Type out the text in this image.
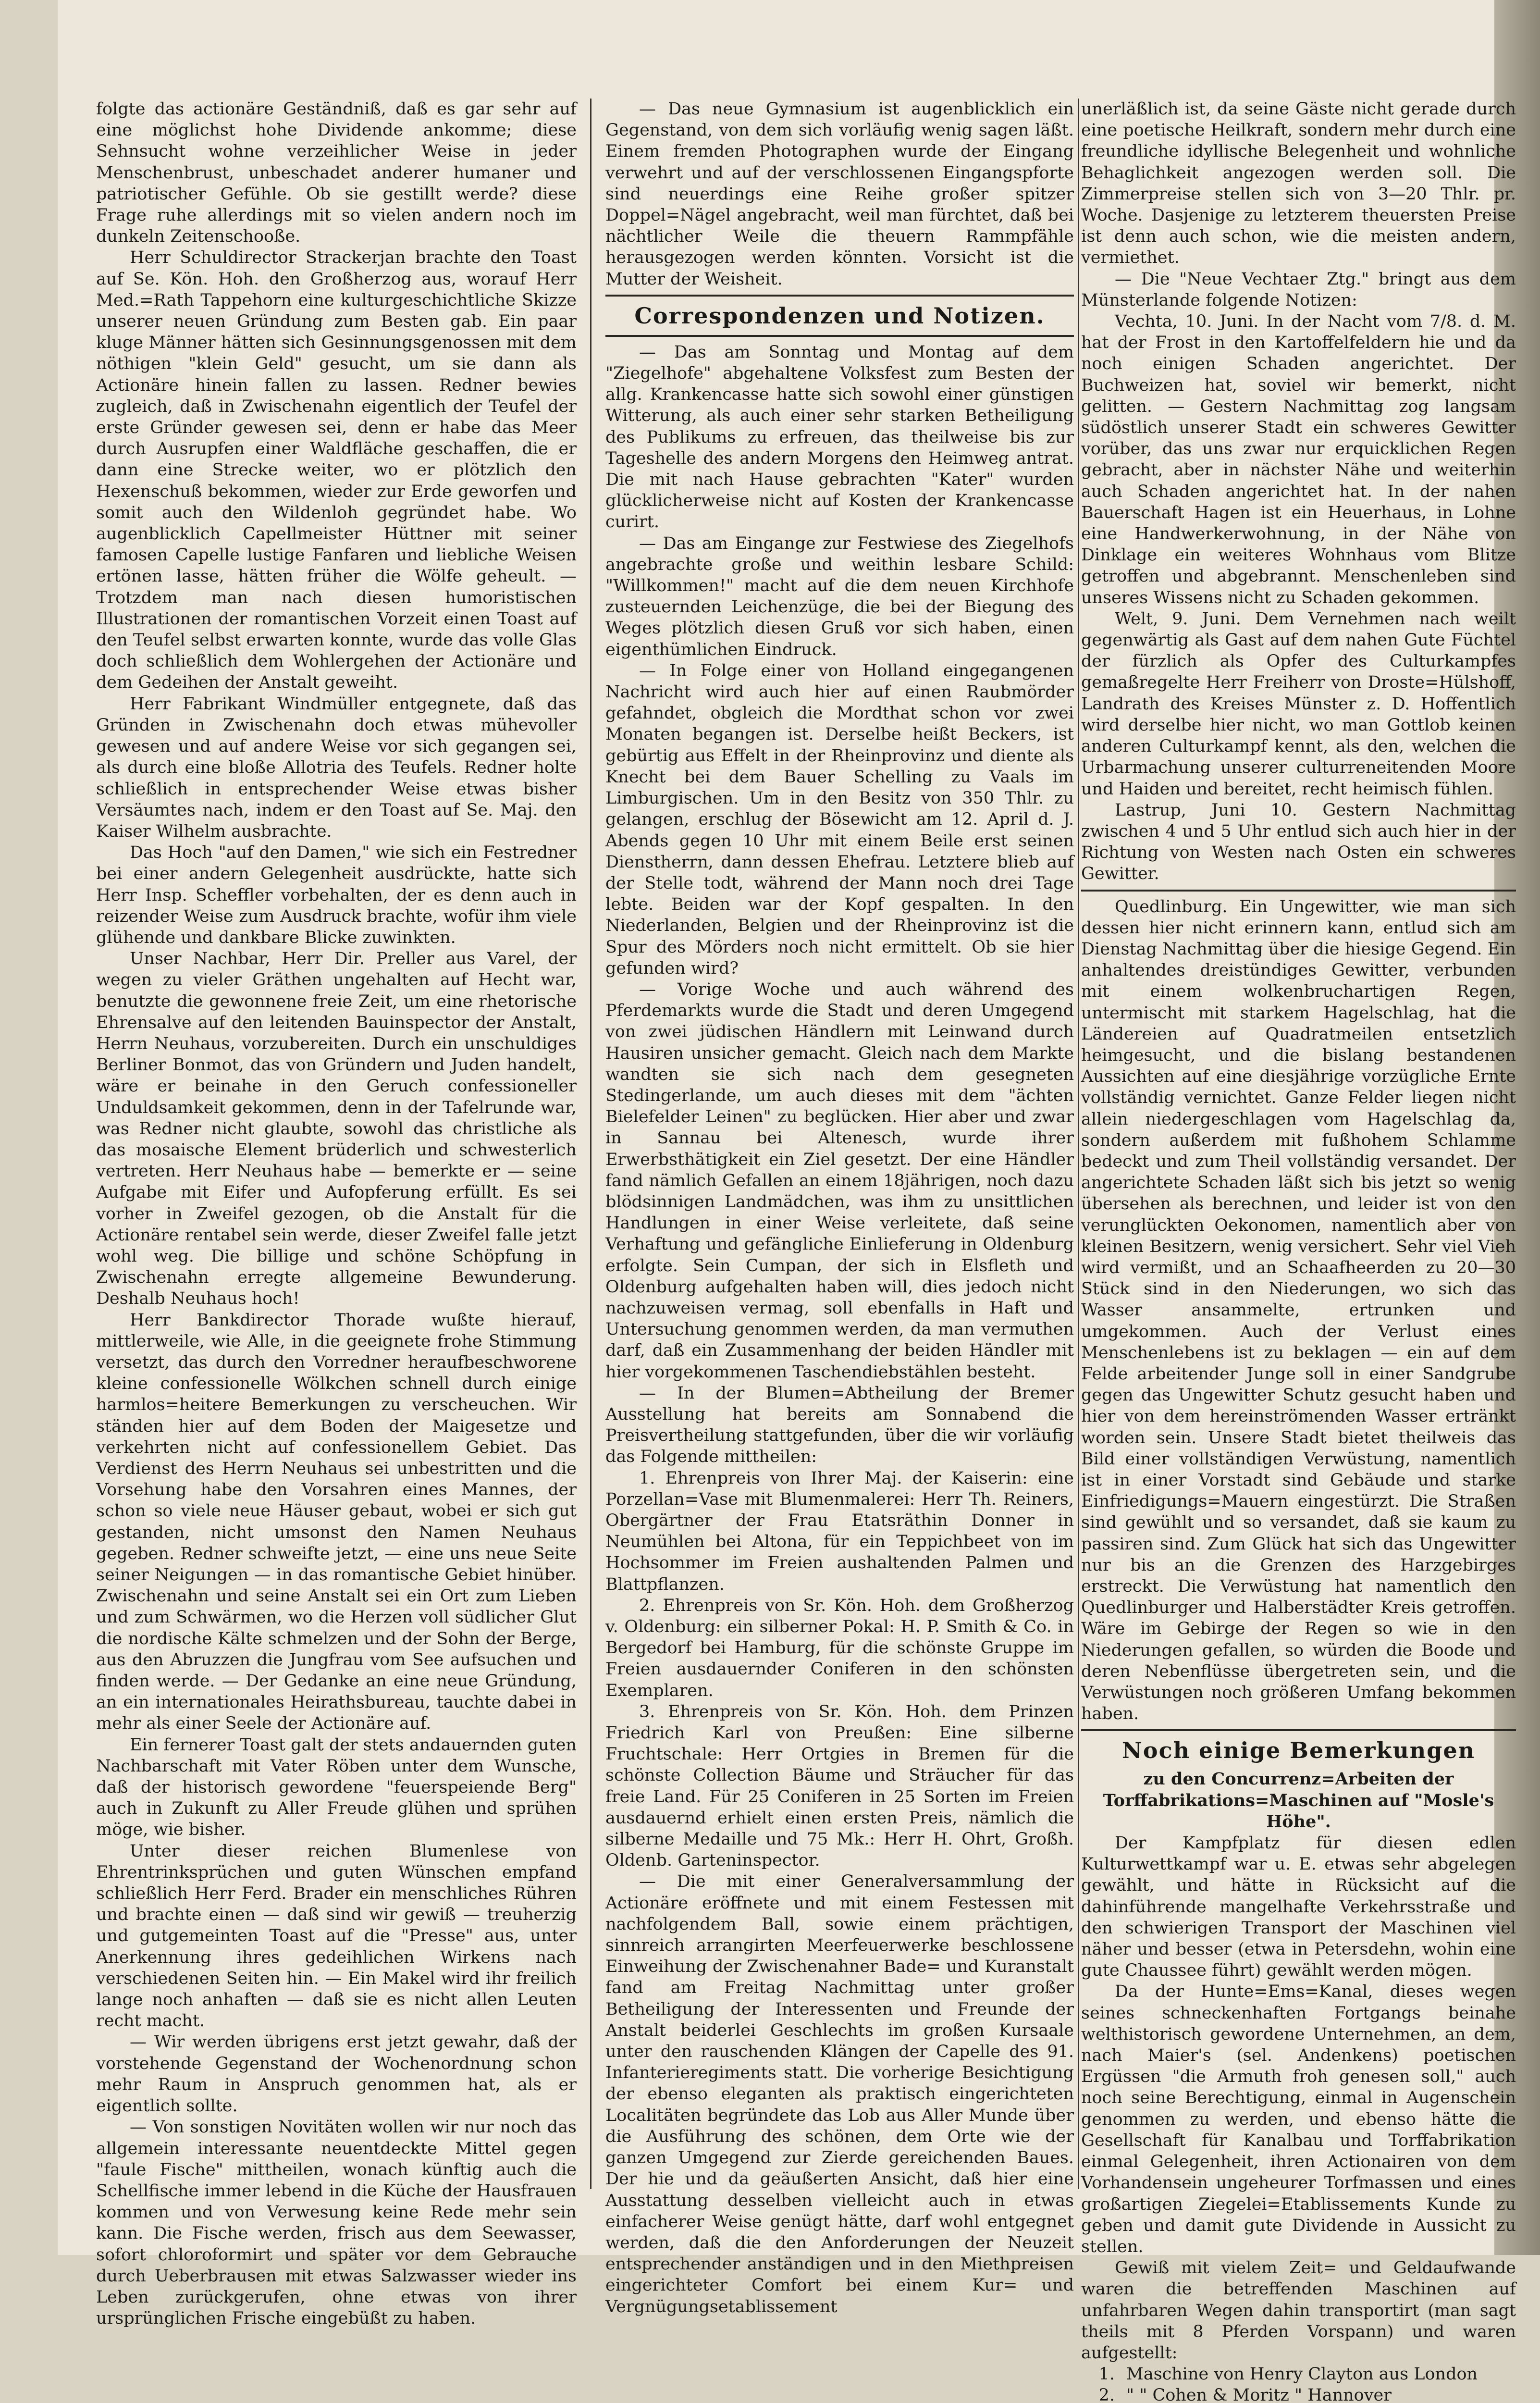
folgte das actionäre Geständniß, daß es gar sehr auf eine möglichst hohe Dividende ankomme; diese Sehnsucht wohne verzeihlicher Weise in jeder Menschenbrust, unbeschadet anderer humaner und patriotischer Gefühle. Ob sie gestillt werde? diese Frage ruhe allerdings mit so vielen andern noch im dunkeln Zeitenschooße.

Herr Schuldirector Strackerjan brachte den Toast auf Se. Kön. Hoh. den Großherzog aus, worauf Herr Med.=Rath Tappehorn eine kulturgeschichtliche Skizze unserer neuen Gründung zum Besten gab. Ein paar kluge Männer hätten sich Gesinnungsgenossen mit dem nöthigen "klein Geld" gesucht, um sie dann als Actionäre hinein fallen zu lassen. Redner bewies zugleich, daß in Zwischenahn eigentlich der Teufel der erste Gründer gewesen sei, denn er habe das Meer durch Ausrupfen einer Waldfläche geschaffen, die er dann eine Strecke weiter, wo er plötzlich den Hexenschuß bekommen, wieder zur Erde geworfen und somit auch den Wildenloh gegründet habe. Wo augenblicklich Capellmeister Hüttner mit seiner famosen Capelle lustige Fanfaren und liebliche Weisen ertönen lasse, hätten früher die Wölfe geheult. — Trotzdem man nach diesen humoristischen Illustrationen der romantischen Vorzeit einen Toast auf den Teufel selbst erwarten konnte, wurde das volle Glas doch schließlich dem Wohlergehen der Actionäre und dem Gedeihen der Anstalt geweiht.

Herr Fabrikant Windmüller entgegnete, daß das Gründen in Zwischenahn doch etwas mühevoller gewesen und auf andere Weise vor sich gegangen sei, als durch eine bloße Allotria des Teufels. Redner holte schließlich in entsprechender Weise etwas bisher Versäumtes nach, indem er den Toast auf Se. Maj. den Kaiser Wilhelm ausbrachte.

Das Hoch "auf den Damen," wie sich ein Festredner bei einer andern Gelegenheit ausdrückte, hatte sich Herr Insp. Scheffler vorbehalten, der es denn auch in reizender Weise zum Ausdruck brachte, wofür ihm viele glühende und dankbare Blicke zuwinkten.

Unser Nachbar, Herr Dir. Preller aus Varel, der wegen zu vieler Gräthen ungehalten auf Hecht war, benutzte die gewonnene freie Zeit, um eine rhetorische Ehrensalve auf den leitenden Bauinspector der Anstalt, Herrn Neuhaus, vorzubereiten. Durch ein unschuldiges Berliner Bonmot, das von Gründern und Juden handelt, wäre er beinahe in den Geruch confessioneller Unduldsamkeit gekommen, denn in der Tafelrunde war, was Redner nicht glaubte, sowohl das christliche als das mosaische Element brüderlich und schwesterlich vertreten. Herr Neuhaus habe — bemerkte er — seine Aufgabe mit Eifer und Aufopferung erfüllt. Es sei vorher in Zweifel gezogen, ob die Anstalt für die Actionäre rentabel sein werde, dieser Zweifel falle jetzt wohl weg. Die billige und schöne Schöpfung in Zwischenahn erregte allgemeine Bewunderung. Deshalb Neuhaus hoch!

Herr Bankdirector Thorade wußte hierauf, mittlerweile, wie Alle, in die geeignete frohe Stimmung versetzt, das durch den Vorredner heraufbeschworene kleine confessionelle Wölkchen schnell durch einige harmlos=heitere Bemerkungen zu verscheuchen. Wir ständen hier auf dem Boden der Maigesetze und verkehrten nicht auf confessionellem Gebiet. Das Verdienst des Herrn Neuhaus sei unbestritten und die Vorsehung habe den Vorsahren eines Mannes, der schon so viele neue Häuser gebaut, wobei er sich gut gestanden, nicht umsonst den Namen Neuhaus gegeben. Redner schweifte jetzt, — eine uns neue Seite seiner Neigungen — in das romantische Gebiet hinüber. Zwischenahn und seine Anstalt sei ein Ort zum Lieben und zum Schwärmen, wo die Herzen voll südlicher Glut die nordische Kälte schmelzen und der Sohn der Berge, aus den Abruzzen die Jungfrau vom See aufsuchen und finden werde. — Der Gedanke an eine neue Gründung, an ein internationales Heirathsbureau, tauchte dabei in mehr als einer Seele der Actionäre auf.

Ein fernerer Toast galt der stets andauernden guten Nachbarschaft mit Vater Röben unter dem Wunsche, daß der historisch gewordene "feuerspeiende Berg" auch in Zukunft zu Aller Freude glühen und sprühen möge, wie bisher.

Unter dieser reichen Blumenlese von Ehrentrinksprüchen und guten Wünschen empfand schließlich Herr Ferd. Brader ein menschliches Rühren und brachte einen — daß sind wir gewiß — treuherzig und gutgemeinten Toast auf die "Presse" aus, unter Anerkennung ihres gedeihlichen Wirkens nach verschiedenen Seiten hin. — Ein Makel wird ihr freilich lange noch anhaften — daß sie es nicht allen Leuten recht macht.

— Wir werden übrigens erst jetzt gewahr, daß der vorstehende Gegenstand der Wochenordnung schon mehr Raum in Anspruch genommen hat, als er eigentlich sollte.

— Von sonstigen Novitäten wollen wir nur noch das allgemein interessante neuentdeckte Mittel gegen "faule Fische" mittheilen, wonach künftig auch die Schellfische immer lebend in die Küche der Hausfrauen kommen und von Verwesung keine Rede mehr sein kann. Die Fische werden, frisch aus dem Seewasser, sofort chloroformirt und später vor dem Gebrauche durch Ueberbrausen mit etwas Salzwasser wieder ins Leben zurückgerufen, ohne etwas von ihrer ursprünglichen Frische eingebüßt zu haben.

— Das neue Gymnasium ist augenblicklich ein Gegenstand, von dem sich vorläufig wenig sagen läßt. Einem fremden Photographen wurde der Eingang verwehrt und auf der verschlossenen Eingangspforte sind neuerdings eine Reihe großer spitzer Doppel=Nägel angebracht, weil man fürchtet, daß bei nächtlicher Weile die theuern Rammpfähle herausgezogen werden könnten. Vorsicht ist die Mutter der Weisheit.

Correspondenzen und Notizen.

— Das am Sonntag und Montag auf dem "Ziegelhofe" abgehaltene Volksfest zum Besten der allg. Krankencasse hatte sich sowohl einer günstigen Witterung, als auch einer sehr starken Betheiligung des Publikums zu erfreuen, das theilweise bis zur Tageshelle des andern Morgens den Heimweg antrat. Die mit nach Hause gebrachten "Kater" wurden glücklicherweise nicht auf Kosten der Krankencasse curirt.

— Das am Eingange zur Festwiese des Ziegelhofs angebrachte große und weithin lesbare Schild: "Willkommen!" macht auf die dem neuen Kirchhofe zusteuernden Leichenzüge, die bei der Biegung des Weges plötzlich diesen Gruß vor sich haben, einen eigenthümlichen Eindruck.

— In Folge einer von Holland eingegangenen Nachricht wird auch hier auf einen Raubmörder gefahndet, obgleich die Mordthat schon vor zwei Monaten begangen ist. Derselbe heißt Beckers, ist gebürtig aus Effelt in der Rheinprovinz und diente als Knecht bei dem Bauer Schelling zu Vaals im Limburgischen. Um in den Besitz von 350 Thlr. zu gelangen, erschlug der Bösewicht am 12. April d. J. Abends gegen 10 Uhr mit einem Beile erst seinen Dienstherrn, dann dessen Ehefrau. Letztere blieb auf der Stelle todt, während der Mann noch drei Tage lebte. Beiden war der Kopf gespalten. In den Niederlanden, Belgien und der Rheinprovinz ist die Spur des Mörders noch nicht ermittelt. Ob sie hier gefunden wird?

— Vorige Woche und auch während des Pferdemarkts wurde die Stadt und deren Umgegend von zwei jüdischen Händlern mit Leinwand durch Hausiren unsicher gemacht. Gleich nach dem Markte wandten sie sich nach dem gesegneten Stedingerlande, um auch dieses mit dem "ächten Bielefelder Leinen" zu beglücken. Hier aber und zwar in Sannau bei Altenesch, wurde ihrer Erwerbsthätigkeit ein Ziel gesetzt. Der eine Händler fand nämlich Gefallen an einem 18jährigen, noch dazu blödsinnigen Landmädchen, was ihm zu unsittlichen Handlungen in einer Weise verleitete, daß seine Verhaftung und gefängliche Einlieferung in Oldenburg erfolgte. Sein Cumpan, der sich in Elsfleth und Oldenburg aufgehalten haben will, dies jedoch nicht nachzuweisen vermag, soll ebenfalls in Haft und Untersuchung genommen werden, da man vermuthen darf, daß ein Zusammenhang der beiden Händler mit hier vorgekommenen Taschendiebstählen besteht.

— In der Blumen=Abtheilung der Bremer Ausstellung hat bereits am Sonnabend die Preisvertheilung stattgefunden, über die wir vorläufig das Folgende mittheilen:

1. Ehrenpreis von Ihrer Maj. der Kaiserin: eine Porzellan=Vase mit Blumenmalerei: Herr Th. Reiners, Obergärtner der Frau Etatsräthin Donner in Neumühlen bei Altona, für ein Teppichbeet von im Hochsommer im Freien aushaltenden Palmen und Blattpflanzen.

2. Ehrenpreis von Sr. Kön. Hoh. dem Großherzog v. Oldenburg: ein silberner Pokal: H. P. Smith & Co. in Bergedorf bei Hamburg, für die schönste Gruppe im Freien ausdauernder Coniferen in den schönsten Exemplaren.

3. Ehrenpreis von Sr. Kön. Hoh. dem Prinzen Friedrich Karl von Preußen: Eine silberne Fruchtschale: Herr Ortgies in Bremen für die schönste Collection Bäume und Sträucher für das freie Land. Für 25 Coniferen in 25 Sorten im Freien ausdauernd erhielt einen ersten Preis, nämlich die silberne Medaille und 75 Mk.: Herr H. Ohrt, Großh. Oldenb. Garteninspector.

— Die mit einer Generalversammlung der Actionäre eröffnete und mit einem Festessen mit nachfolgendem Ball, sowie einem prächtigen, sinnreich arrangirten Meerfeuerwerke beschlossene Einweihung der Zwischenahner Bade= und Kuranstalt fand am Freitag Nachmittag unter großer Betheiligung der Interessenten und Freunde der Anstalt beiderlei Geschlechts im großen Kursaale unter den rauschenden Klängen der Capelle des 91. Infanterieregiments statt. Die vorherige Besichtigung der ebenso eleganten als praktisch eingerichteten Localitäten begründete das Lob aus Aller Munde über die Ausführung des schönen, dem Orte wie der ganzen Umgegend zur Zierde gereichenden Baues. Der hie und da geäußerten Ansicht, daß hier eine Ausstattung desselben vielleicht auch in etwas einfacherer Weise genügt hätte, darf wohl entgegnet werden, daß die den Anforderungen der Neuzeit entsprechender anständigen und in den Miethpreisen eingerichteter Comfort bei einem Kur= und Vergnügungsetablissement

unerläßlich ist, da seine Gäste nicht gerade durch eine poetische Heilkraft, sondern mehr durch eine freundliche idyllische Belegenheit und wohnliche Behaglichkeit angezogen werden soll. Die Zimmerpreise stellen sich von 3—20 Thlr. pr. Woche. Dasjenige zu letzterem theuersten Preise ist denn auch schon, wie die meisten andern, vermiethet.

— Die "Neue Vechtaer Ztg." bringt aus dem Münsterlande folgende Notizen:

Vechta, 10. Juni. In der Nacht vom 7/8. d. M. hat der Frost in den Kartoffelfeldern hie und da noch einigen Schaden angerichtet. Der Buchweizen hat, soviel wir bemerkt, nicht gelitten. — Gestern Nachmittag zog langsam südöstlich unserer Stadt ein schweres Gewitter vorüber, das uns zwar nur erquicklichen Regen gebracht, aber in nächster Nähe und weiterhin auch Schaden angerichtet hat. In der nahen Bauerschaft Hagen ist ein Heuerhaus, in Lohne eine Handwerkerwohnung, in der Nähe von Dinklage ein weiteres Wohnhaus vom Blitze getroffen und abgebrannt. Menschenleben sind unseres Wissens nicht zu Schaden gekommen.

Welt, 9. Juni. Dem Vernehmen nach weilt gegenwärtig als Gast auf dem nahen Gute Füchtel der fürzlich als Opfer des Culturkampfes gemaßregelte Herr Freiherr von Droste=Hülshoff, Landrath des Kreises Münster z. D. Hoffentlich wird derselbe hier nicht, wo man Gottlob keinen anderen Culturkampf kennt, als den, welchen die Urbarmachung unserer culturreneitenden Moore und Haiden und bereitet, recht heimisch fühlen.

Lastrup, Juni 10. Gestern Nachmittag zwischen 4 und 5 Uhr entlud sich auch hier in der Richtung von Westen nach Osten ein schweres Gewitter.

Quedlinburg. Ein Ungewitter, wie man sich dessen hier nicht erinnern kann, entlud sich am Dienstag Nachmittag über die hiesige Gegend. Ein anhaltendes dreistündiges Gewitter, verbunden mit einem wolkenbruchartigen Regen, untermischt mit starkem Hagelschlag, hat die Ländereien auf Quadratmeilen entsetzlich heimgesucht, und die bislang bestandenen Aussichten auf eine diesjährige vorzügliche Ernte vollständig vernichtet. Ganze Felder liegen nicht allein niedergeschlagen vom Hagelschlag da, sondern außerdem mit fußhohem Schlamme bedeckt und zum Theil vollständig versandet. Der angerichtete Schaden läßt sich bis jetzt so wenig übersehen als berechnen, und leider ist von den verunglückten Oekonomen, namentlich aber von kleinen Besitzern, wenig versichert. Sehr viel Vieh wird vermißt, und an Schaafheerden zu 20—30 Stück sind in den Niederungen, wo sich das Wasser ansammelte, ertrunken und umgekommen. Auch der Verlust eines Menschenlebens ist zu beklagen — ein auf dem Felde arbeitender Junge soll in einer Sandgrube gegen das Ungewitter Schutz gesucht haben und hier von dem hereinströmenden Wasser ertränkt worden sein. Unsere Stadt bietet theilweis das Bild einer vollständigen Verwüstung, namentlich ist in einer Vorstadt sind Gebäude und starke Einfriedigungs=Mauern eingestürzt. Die Straßen sind gewühlt und so versandet, daß sie kaum zu passiren sind. Zum Glück hat sich das Ungewitter nur bis an die Grenzen des Harzgebirges erstreckt. Die Verwüstung hat namentlich den Quedlinburger und Halberstädter Kreis getroffen. Wäre im Gebirge der Regen so wie in den Niederungen gefallen, so würden die Boode und deren Nebenflüsse übergetreten sein, und die Verwüstungen noch größeren Umfang bekommen haben.

Noch einige Bemerkungen

zu den Concurrenz=Arbeiten der Torffabrikations=Maschinen auf "Mosle's Höhe".

Der Kampfplatz für diesen edlen Kulturwettkampf war u. E. etwas sehr abgelegen gewählt, und hätte in Rücksicht auf die dahinführende mangelhafte Verkehrsstraße und den schwierigen Transport der Maschinen viel näher und besser (etwa in Petersdehn, wohin eine gute Chaussee führt) gewählt werden mögen.

Da der Hunte=Ems=Kanal, dieses wegen seines schneckenhaften Fortgangs beinahe welthistorisch gewordene Unternehmen, an dem, nach Maier's (sel. Andenkens) poetischen Ergüssen "die Armuth froh genesen soll," auch noch seine Berechtigung, einmal in Augenschein genommen zu werden, und ebenso hätte die Gesellschaft für Kanalbau und Torffabrikation einmal Gelegenheit, ihren Actionairen von dem Vorhandensein ungeheurer Torfmassen und eines großartigen Ziegelei=Etablissements Kunde zu geben und damit gute Dividende in Aussicht zu stellen.

Gewiß mit vielem Zeit= und Geldaufwande waren die betreffenden Maschinen auf unfahrbaren Wegen dahin transportirt (man sagt theils mit 8 Pferden Vorspann) und waren aufgestellt:

1. Maschine von Henry Clayton aus London
2. " " Cohen & Moritz " Hannover
